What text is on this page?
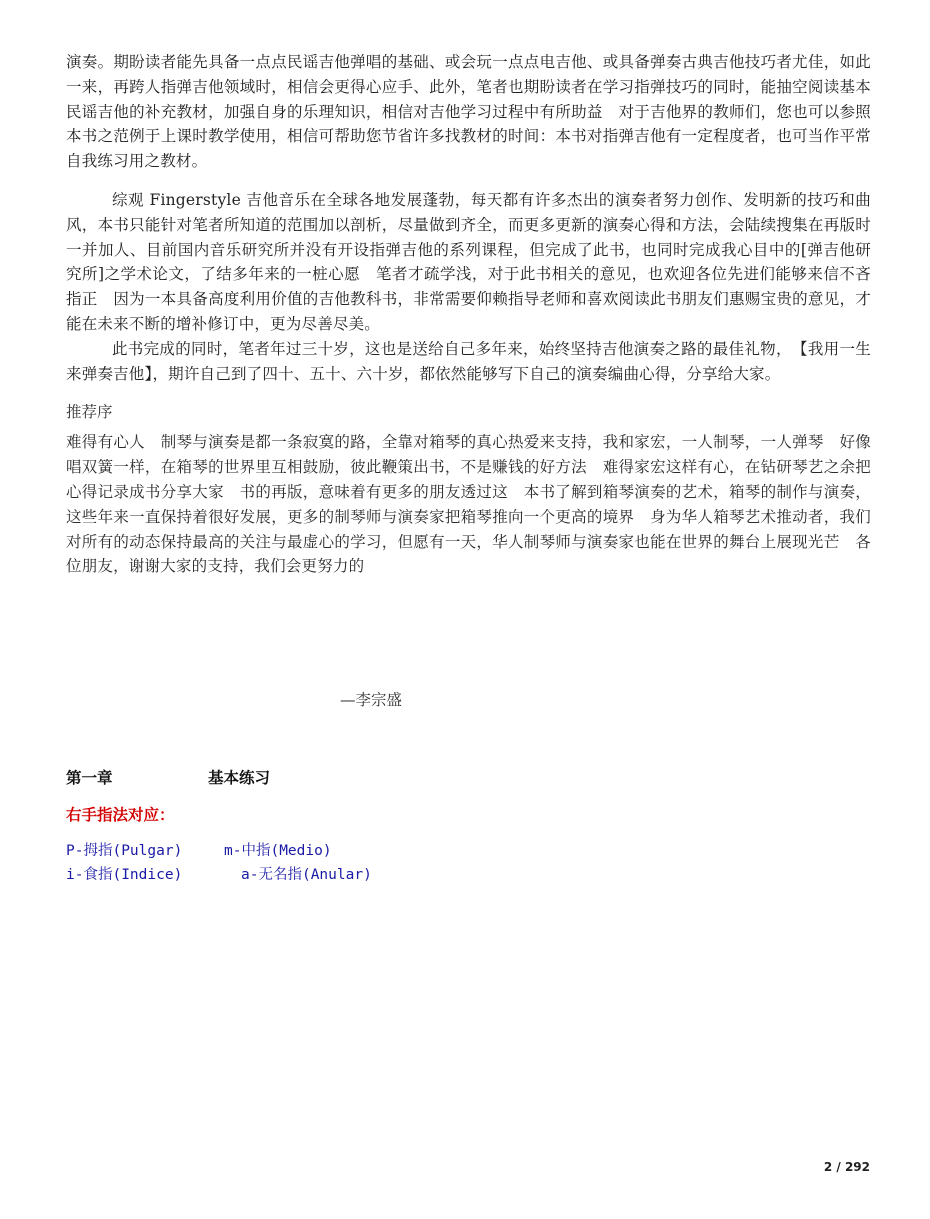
演奏。期盼读者能先具备一点点民谣吉他弹唱的基础、或会玩一点点电吉他、或具备弹奏古典吉他技巧者尤佳，如此一来，再跨人指弹吉他领域时，相信会更得心应手、此外，笔者也期盼读者在学习指弹技巧的同时，能抽空阅读基本民谣吉他的补充教材，加强自身的乐理知识，相信对吉他学习过程中有所助益　对于吉他界的教师们，您也可以参照本书之范例于上课时教学使用，相信可帮助您节省许多找教材的时间：本书对指弹吉他有一定程度者，也可当作平常自我练习用之教材。

综观 Fingerstyle 吉他音乐在全球各地发展蓬勃，每天都有许多杰出的演奏者努力创作、发明新的技巧和曲风，本书只能针对笔者所知道的范围加以剖析，尽量做到齐全，而更多更新的演奏心得和方法，会陆续搜集在再版时一并加人、目前国内音乐研究所并没有开设指弹吉他的系列课程，但完成了此书，也同时完成我心目中的[弹吉他研究所]之学术论文，了结多年来的一桩心愿　笔者才疏学浅，对于此书相关的意见，也欢迎各位先进们能够来信不吝指正　因为一本具备高度利用价值的吉他教科书，非常需要仰赖指导老师和喜欢阅读此书朋友们惠赐宝贵的意见，才能在未来不断的增补修订中，更为尽善尽美。

此书完成的同时，笔者年过三十岁，这也是送给自己多年来，始终坚持吉他演奏之路的最佳礼物，　【我用一生来弹奏吉他】，期许自己到了四十、五十、六十岁，都依然能够写下自己的演奏编曲心得，分享给大家。

推荐序

难得有心人　制琴与演奏是都一条寂寞的路，全靠对箱琴的真心热爱来支持，我和家宏，一人制琴，一人弹琴　好像唱双簧一样，在箱琴的世界里互相鼓励，彼此鞭策出书，不是赚钱的好方法　难得家宏这样有心，在钻研琴艺之余把心得记录成书分享大家　书的再版，意味着有更多的朋友透过这　本书了解到箱琴演奏的艺术，箱琴的制作与演奏，这些年来一直保持着很好发展，更多的制琴师与演奏家把箱琴推向一个更高的境界　身为华人箱琴艺术推动者，我们对所有的动态保持最高的关注与最虚心的学习，但愿有一天，华人制琴师与演奏家也能在世界的舞台上展现光芒　各位朋友，谢谢大家的支持，我们会更努力的

—李宗盛
第一章	基本练习
右手指法对应：
P-拇指(Pulgar)	m-中指(Medio)
i-食指(Indice)	a-无名指(Anular)
2 / 292
